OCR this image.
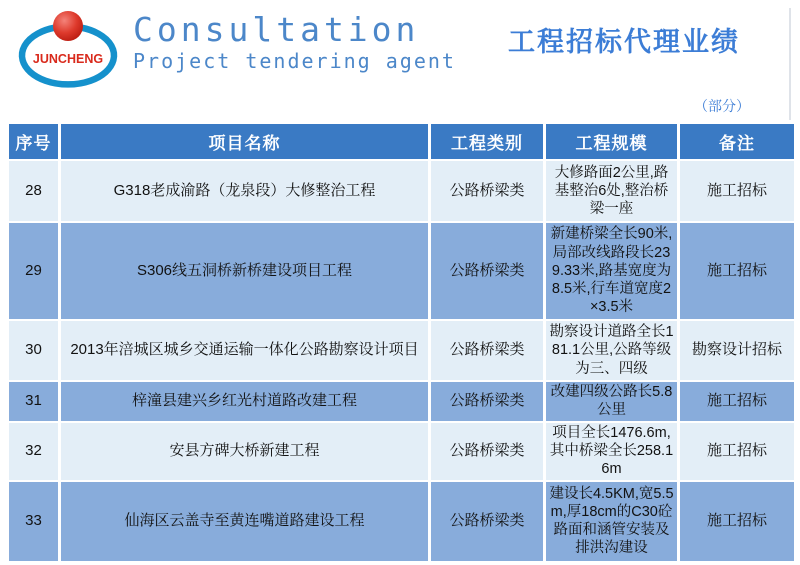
JUNCHENG
Consultation
Project tendering agent
工程招标代理业绩
（部分）
序号	项目名称	工程类别	工程规模	备注
28	G318老成渝路（龙泉段）大修整治工程	公路桥梁类	大修路面2公里,路基整治6处,整治桥梁一座	施工招标
29	S306线五洞桥新桥建设项目工程	公路桥梁类	新建桥梁全长90米,局部改线路段长239.33米,路基宽度为8.5米,行车道宽度2×3.5米	施工招标
30	2013年涪城区城乡交通运输一体化公路勘察设计项目	公路桥梁类	勘察设计道路全长181.1公里,公路等级为三、四级	勘察设计招标
31	梓潼县建兴乡红光村道路改建工程	公路桥梁类	改建四级公路长5.8公里	施工招标
32	安县方碑大桥新建工程	公路桥梁类	项目全长1476.6m,其中桥梁全长258.16m	施工招标
33	仙海区云盖寺至黄连嘴道路建设工程	公路桥梁类	建设长4.5KM,宽5.5m,厚18cm的C30砼路面和涵管安装及排洪沟建设	施工招标
